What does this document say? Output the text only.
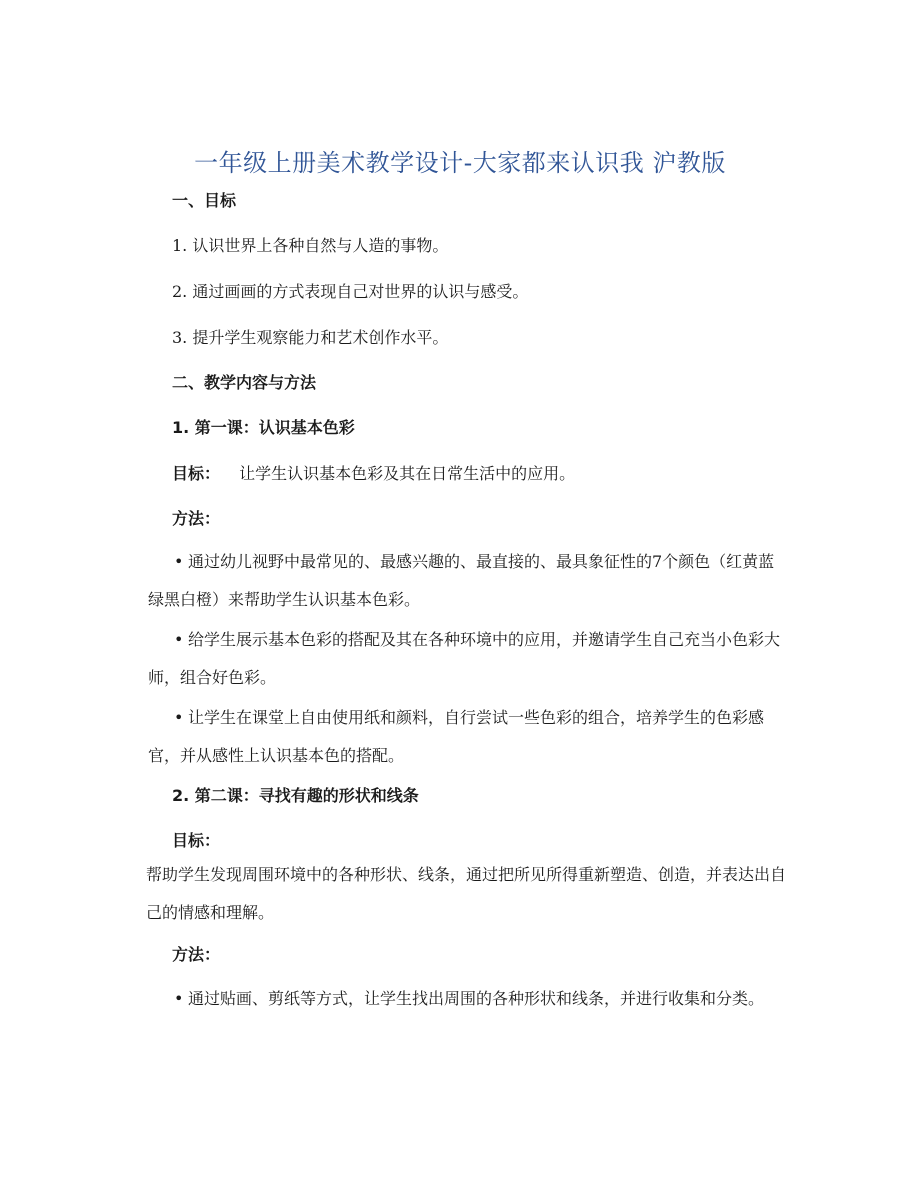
一年级上册美术教学设计-大家都来认识我 沪教版
一、目标
1. 认识世界上各种自然与人造的事物。
2. 通过画画的方式表现自己对世界的认识与感受。
3. 提升学生观察能力和艺术创作水平。
二、教学内容与方法
1. 第一课：认识基本色彩
目标： 让学生认识基本色彩及其在日常生活中的应用。
方法：
• 通过幼儿视野中最常见的、最感兴趣的、最直接的、最具象征性的7个颜色（红黄蓝绿黑白橙）来帮助学生认识基本色彩。
• 给学生展示基本色彩的搭配及其在各种环境中的应用，并邀请学生自己充当小色彩大师，组合好色彩。
• 让学生在课堂上自由使用纸和颜料，自行尝试一些色彩的组合，培养学生的色彩感官，并从感性上认识基本色的搭配。
2. 第二课：寻找有趣的形状和线条
目标：
帮助学生发现周围环境中的各种形状、线条，通过把所见所得重新塑造、创造，并表达出自己的情感和理解。
方法：
• 通过贴画、剪纸等方式，让学生找出周围的各种形状和线条，并进行收集和分类。
